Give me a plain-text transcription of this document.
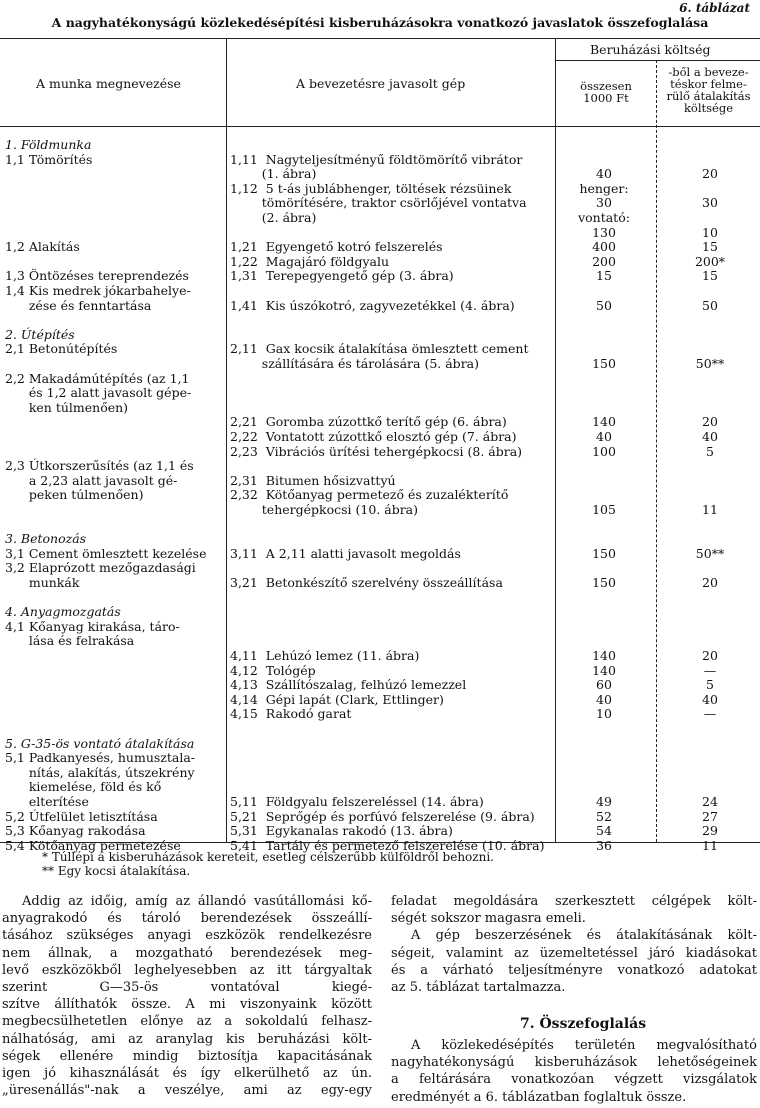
6. táblázat
A nagyhatékonyságú közlekedésépítési kisberuházásokra vonatkozó javaslatok összefoglalása
A munka megnevezése	A bevezetésre javasolt gép
Beruházási költség
összesen
1000 Ft
-ből a beveze-
téskor felme-
rülő átalakítás
költsége
1. Földmunka
1,1 Tömörítés	1,11  Nagyteljesítményű földtömörítő vibrátor
(1. ábra)	40	20
1,12  5 t-ás jublábhenger, töltések rézsüinek	henger:
tömörítésére, traktor csörlőjével vontatva	30	30
(2. ábra)	vontató:
130	10
1,2 Alakítás	1,21  Egyengető kotró felszerelés	400	15
1,22  Magajáró földgyalu	200	200*
1,3 Öntözéses tereprendezés	1,31  Terepegyengető gép (3. ábra)	15	15
1,4 Kis medrek jókarbahelye-
zése és fenntartása	1,41  Kis úszókotró, zagyvezetékkel (4. ábra)	50	50
2. Útépítés
2,1 Betonútépítés	2,11  Gax kocsik átalakítása ömlesztett cement
szállítására és tárolására (5. ábra)	150	50**
2,2 Makadámútépítés (az 1,1
és 1,2 alatt javasolt gépe-
ken túlmenően)
2,21  Goromba zúzottkő terítő gép (6. ábra)	140	20
2,22  Vontatott zúzottkő elosztó gép (7. ábra)	40	40
2,23  Vibrációs ürítési tehergépkocsi (8. ábra)	100	5
2,3 Útkorszerűsítés (az 1,1 és
a 2,23 alatt javasolt gé-	2,31  Bitumen hősizvattyú
peken túlmenően)	2,32  Kötőanyag permetező és zuzalékterítő
tehergépkocsi (10. ábra)	105	11
3. Betonozás
3,1 Cement ömlesztett kezelése	3,11  A 2,11 alatti javasolt megoldás	150	50**
3,2 Elaprózott mezőgazdasági
munkák	3,21  Betonkészítő szerelvény összeállítása	150	20
4. Anyagmozgatás
4,1 Kőanyag kirakása, táro-
lása és felrakása
4,11  Lehúzó lemez (11. ábra)	140	20
4,12  Tológép	140	—
4,13  Szállítószalag, felhúzó lemezzel	60	5
4,14  Gépi lapát (Clark, Ettlinger)	40	40
4,15  Rakodó garat	10	—
5. G-35-ös vontató átalakítása
5,1 Padkanyesés, humusztala-
nítás, alakítás, útszekrény
kiemelése, föld és kő
elterítése	5,11  Földgyalu felszereléssel (14. ábra)	49	24
5,2 Útfelület letisztítása	5,21  Seprőgép és porfúvó felszerelése (9. ábra)	52	27
5,3 Kőanyag rakodása	5,31  Egykanalas rakodó (13. ábra)	54	29
5,4 Kötőanyag permetezése	5,41  Tartály és permetező felszerelése (10. ábra)	36	11
* Túllépi a kisberuházások kereteit, esetleg célszerűbb külföldről behozni.
** Egy kocsi átalakítása.
Addig az időig, amíg az állandó vasútállomási kő-
anyagrakodó és tároló berendezések összeállí-
tásához szükséges anyagi eszközök rendelkezésre
nem állnak, a mozgatható berendezések meg-
levő eszközökből leghelyesebben az itt tárgyaltak
szerint G—35-ös vontatóval kiegé-
szítve állíthatók össze. A mi viszonyaink között
megbecsülhetetlen előnye az a sokoldalú felhasz-
nálhatóság, ami az aranylag kis beruházási költ-
ségek ellenére mindig biztosítja kapacitásának
igen jó kihasználását és így elkerülhető az ún.
„üresenállás"-nak a veszélye, ami az egy-egy
feladat megoldására szerkesztett célgépek költ-
ségét sokszor magasra emeli.
A gép beszerzésének és átalakításának költ-
ségeit, valamint az üzemeltetéssel járó kiadásokat
és a várható teljesítményre vonatkozó adatokat
az 5. táblázat tartalmazza.
7. Összefoglalás
A közlekedésépítés területén megvalósítható
nagyhatékonyságú kisberuházások lehetőségeinek
a feltárására vonatkozóan végzett vizsgálatok
eredményét a 6. táblázatban foglaltuk össze.
